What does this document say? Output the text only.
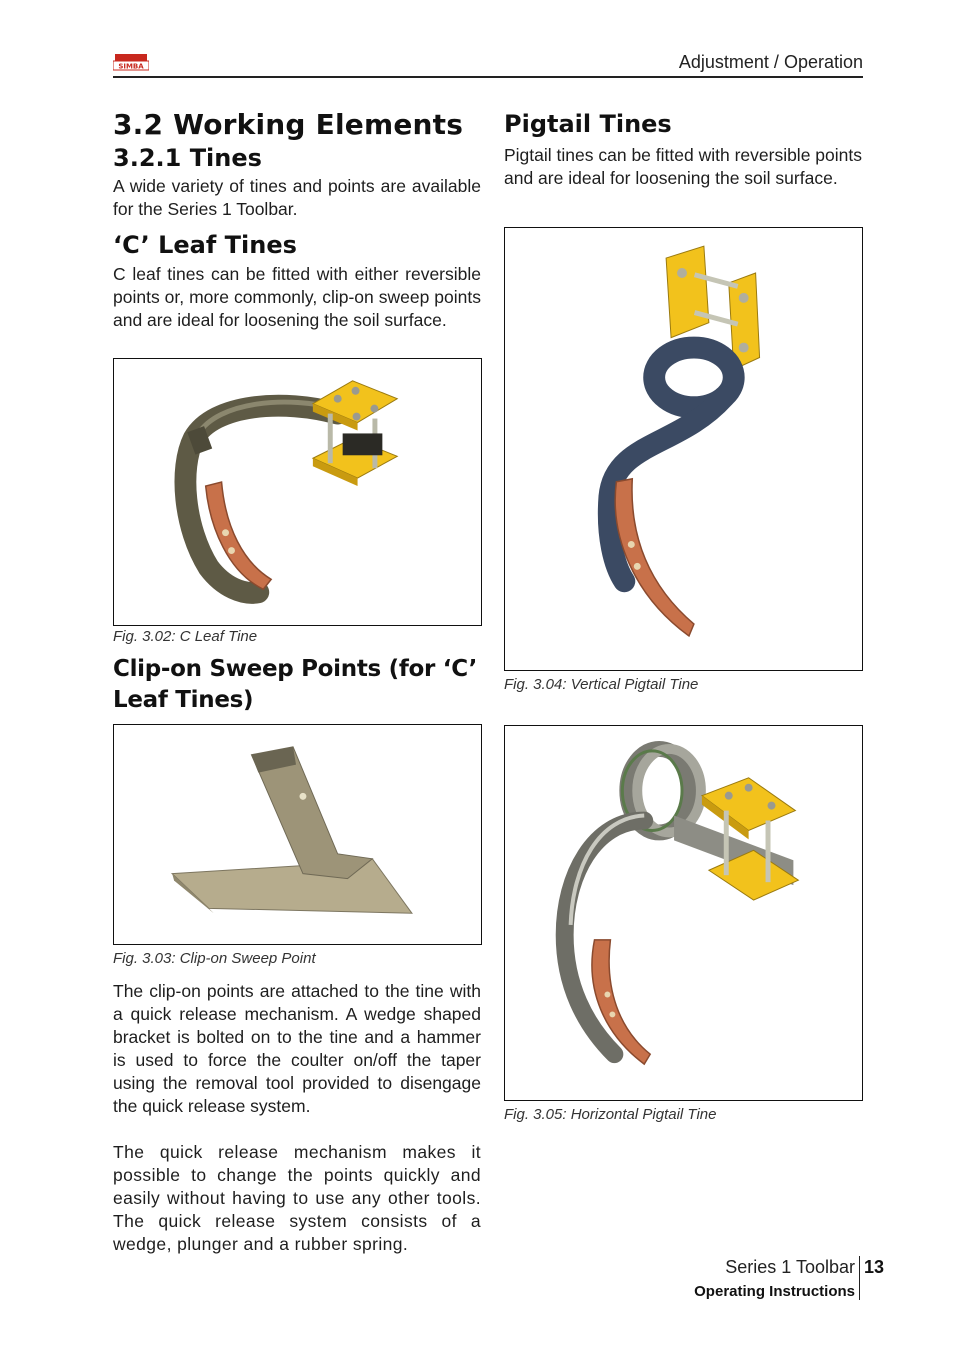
SIMBA	Adjustment / Operation
3.2 Working Elements
3.2.1 Tines

A wide variety of tines and points are available for the Series 1 Toolbar.

‘C’ Leaf Tines

C leaf tines can be fitted with either reversible points or, more commonly, clip-on sweep points and are ideal for loosening the soil surface.

Fig. 3.02: C Leaf Tine
Clip-on Sweep Points (for ‘C’
Leaf Tines)
Fig. 3.03: Clip-on Sweep Point

The clip-on points are attached to the tine with a quick release mechanism. A wedge shaped bracket is bolted on to the tine and a hammer is used to force the coulter on/off the taper using the removal tool provided to disengage the quick release system.

The quick release mechanism makes it possible to change the points quickly and easily without having to use any other tools. The quick release system consists of a wedge, plunger and a rubber spring.

Pigtail Tines

Pigtail tines can be fitted with reversible points and are ideal for loosening the soil surface.

Fig. 3.04: Vertical Pigtail Tine
Fig. 3.05: Horizontal Pigtail Tine
Series 1 Toolbar 13
Operating Instructions
